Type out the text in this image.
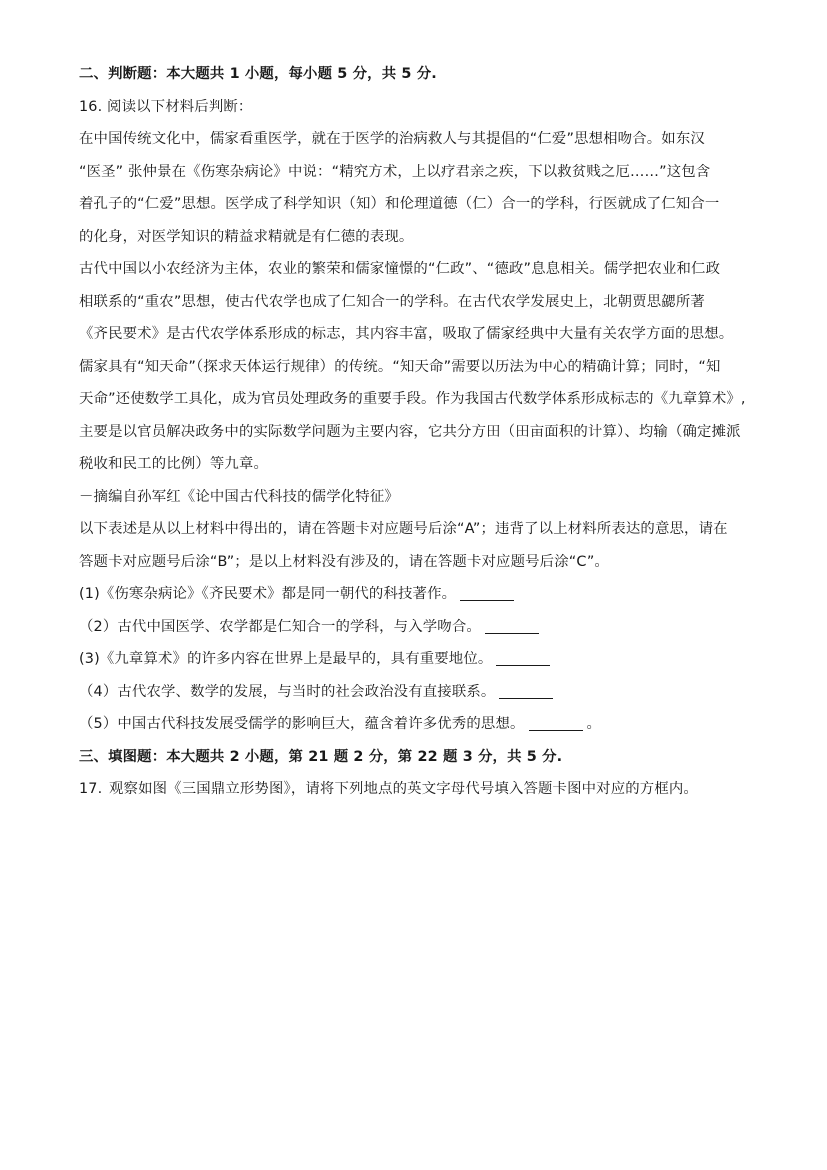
二、判断题：本大题共 1 小题，每小题 5 分，共 5 分.
16. 阅读以下材料后判断：
在中国传统文化中，儒家看重医学，就在于医学的治病救人与其提倡的“仁爱”思想相吻合。如东汉
“医圣” 张仲景在《伤寒杂病论》中说：“精究方术，上以疗君亲之疾，下以救贫贱之厄……”这包含
着孔子的“仁爱”思想。医学成了科学知识（知）和伦理道德（仁）合一的学科，行医就成了仁知合一
的化身，对医学知识的精益求精就是有仁德的表现。
古代中国以小农经济为主体，农业的繁荣和儒家憧憬的“仁政”、“德政”息息相关。儒学把农业和仁政
相联系的“重农”思想，使古代农学也成了仁知合一的学科。在古代农学发展史上，北朝贾思勰所著
《齐民要术》是古代农学体系形成的标志，其内容丰富，吸取了儒家经典中大量有关农学方面的思想。
儒家具有“知天命”（探求天体运行规律）的传统。“知天命”需要以历法为中心的精确计算；同时，“知
天命”还使数学工具化，成为官员处理政务的重要手段。作为我国古代数学体系形成标志的《九章算术》,
主要是以官员解决政务中的实际数学问题为主要内容，它共分方田（田亩面积的计算）、均输（确定摊派
税收和民工的比例）等九章。
－摘编自孙军红《论中国古代科技的儒学化特征》
以下表述是从以上材料中得出的，请在答题卡对应题号后涂“A”；违背了以上材料所表达的意思，请在
答题卡对应题号后涂“B”；是以上材料没有涉及的，请在答题卡对应题号后涂“C”。
(1)《伤寒杂病论》《齐民要术》都是同一朝代的科技著作。
（2）古代中国医学、农学都是仁知合一的学科，与入学吻合。
(3)《九章算术》的许多内容在世界上是最早的，具有重要地位。
（4）古代农学、数学的发展，与当时的社会政治没有直接联系。
（5）中国古代科技发展受儒学的影响巨大，蕴含着许多优秀的思想。	。
三、填图题：本大题共 2 小题，第 21 题 2 分，第 22 题 3 分，共 5 分.
17. 观察如图《三国鼎立形势图》，请将下列地点的英文字母代号填入答题卡图中对应的方框内。
